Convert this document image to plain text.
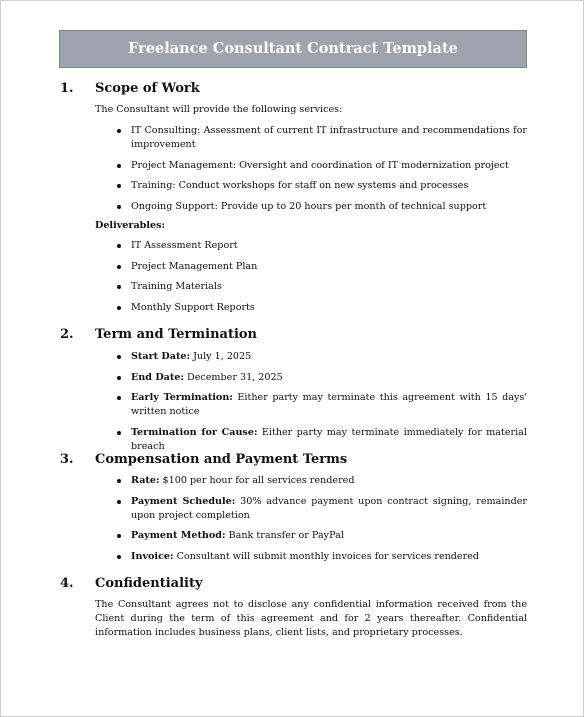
Freelance Consultant Contract Template
1. Scope of Work
The Consultant will provide the following services:
IT Consulting: Assessment of current IT infrastructure and recommendations for improvement
Project Management: Oversight and coordination of IT modernization project
Training: Conduct workshops for staff on new systems and processes
Ongoing Support: Provide up to 20 hours per month of technical support
Deliverables:
IT Assessment Report
Project Management Plan
Training Materials
Monthly Support Reports
2. Term and Termination
Start Date: July 1, 2025
End Date: December 31, 2025
Early Termination: Either party may terminate this agreement with 15 days' written notice
Termination for Cause: Either party may terminate immediately for material breach
3. Compensation and Payment Terms
Rate: $100 per hour for all services rendered
Payment Schedule: 30% advance payment upon contract signing, remainder upon project completion
Payment Method: Bank transfer or PayPal
Invoice: Consultant will submit monthly invoices for services rendered
4. Confidentiality
The Consultant agrees not to disclose any confidential information received from the Client during the term of this agreement and for 2 years thereafter. Confidential information includes business plans, client lists, and proprietary processes.
